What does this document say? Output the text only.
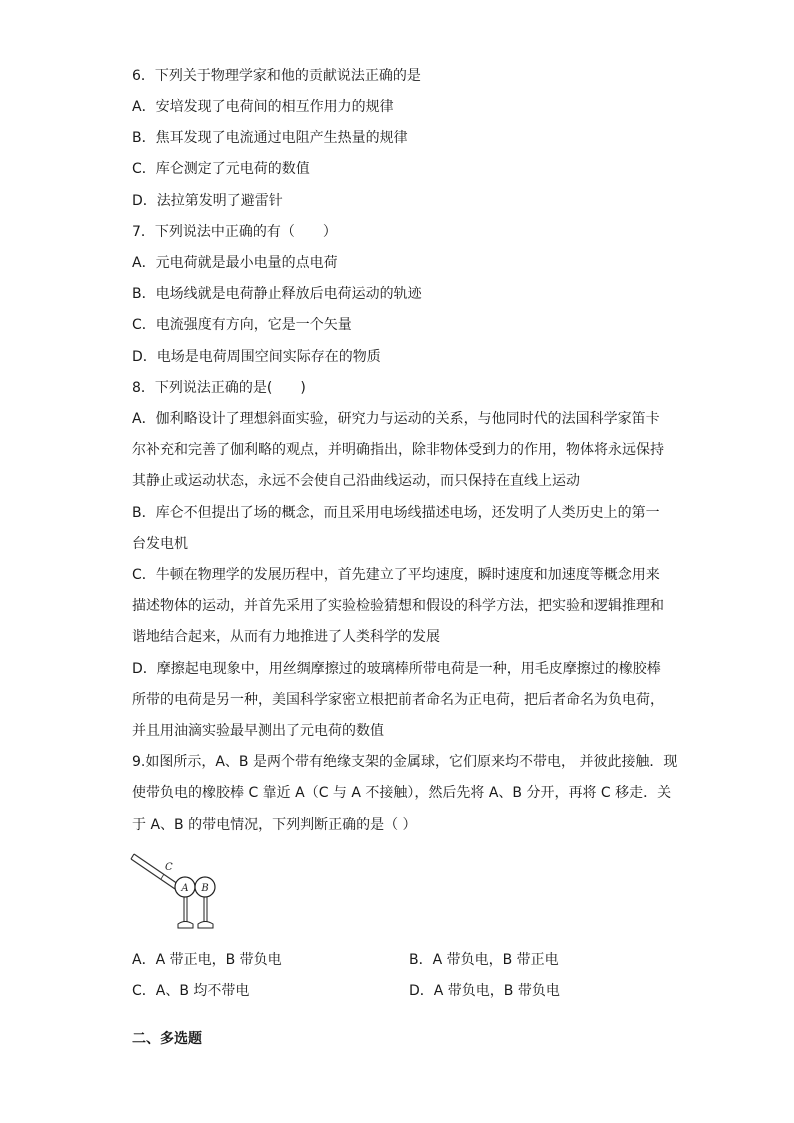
6．下列关于物理学家和他的贡献说法正确的是
A．安培发现了电荷间的相互作用力的规律
B．焦耳发现了电流通过电阻产生热量的规律
C．库仑测定了元电荷的数值
D．法拉第发明了避雷针
7．下列说法中正确的有（　　）
A．元电荷就是最小电量的点电荷
B．电场线就是电荷静止释放后电荷运动的轨迹
C．电流强度有方向，它是一个矢量
D．电场是电荷周围空间实际存在的物质
8．下列说法正确的是(　　)
A．伽利略设计了理想斜面实验，研究力与运动的关系，与他同时代的法国科学家笛卡
尔补充和完善了伽利略的观点，并明确指出，除非物体受到力的作用，物体将永远保持
其静止或运动状态，永远不会使自己沿曲线运动，而只保持在直线上运动
B．库仑不但提出了场的概念，而且采用电场线描述电场，还发明了人类历史上的第一
台发电机
C．牛顿在物理学的发展历程中，首先建立了平均速度，瞬时速度和加速度等概念用来
描述物体的运动，并首先采用了实验检验猜想和假设的科学方法，把实验和逻辑推理和
谐地结合起来，从而有力地推进了人类科学的发展
D．摩擦起电现象中，用丝绸摩擦过的玻璃棒所带电荷是一种，用毛皮摩擦过的橡胶棒
所带的电荷是另一种，美国科学家密立根把前者命名为正电荷，把后者命名为负电荷，
并且用油滴实验最早测出了元电荷的数值
9.如图所示，A、B 是两个带有绝缘支架的金属球，它们原来均不带电， 并彼此接触．现
使带负电的橡胶棒 C 靠近 A（C 与 A 不接触），然后先将 A、B 分开，再将 C 移走．关
于 A、B 的带电情况，下列判断正确的是（ ）
C
A B
A．A 带正电，B 带负电	B．A 带负电，B 带正电
C．A、B 均不带电	D．A 带负电，B 带负电
二、多选题
